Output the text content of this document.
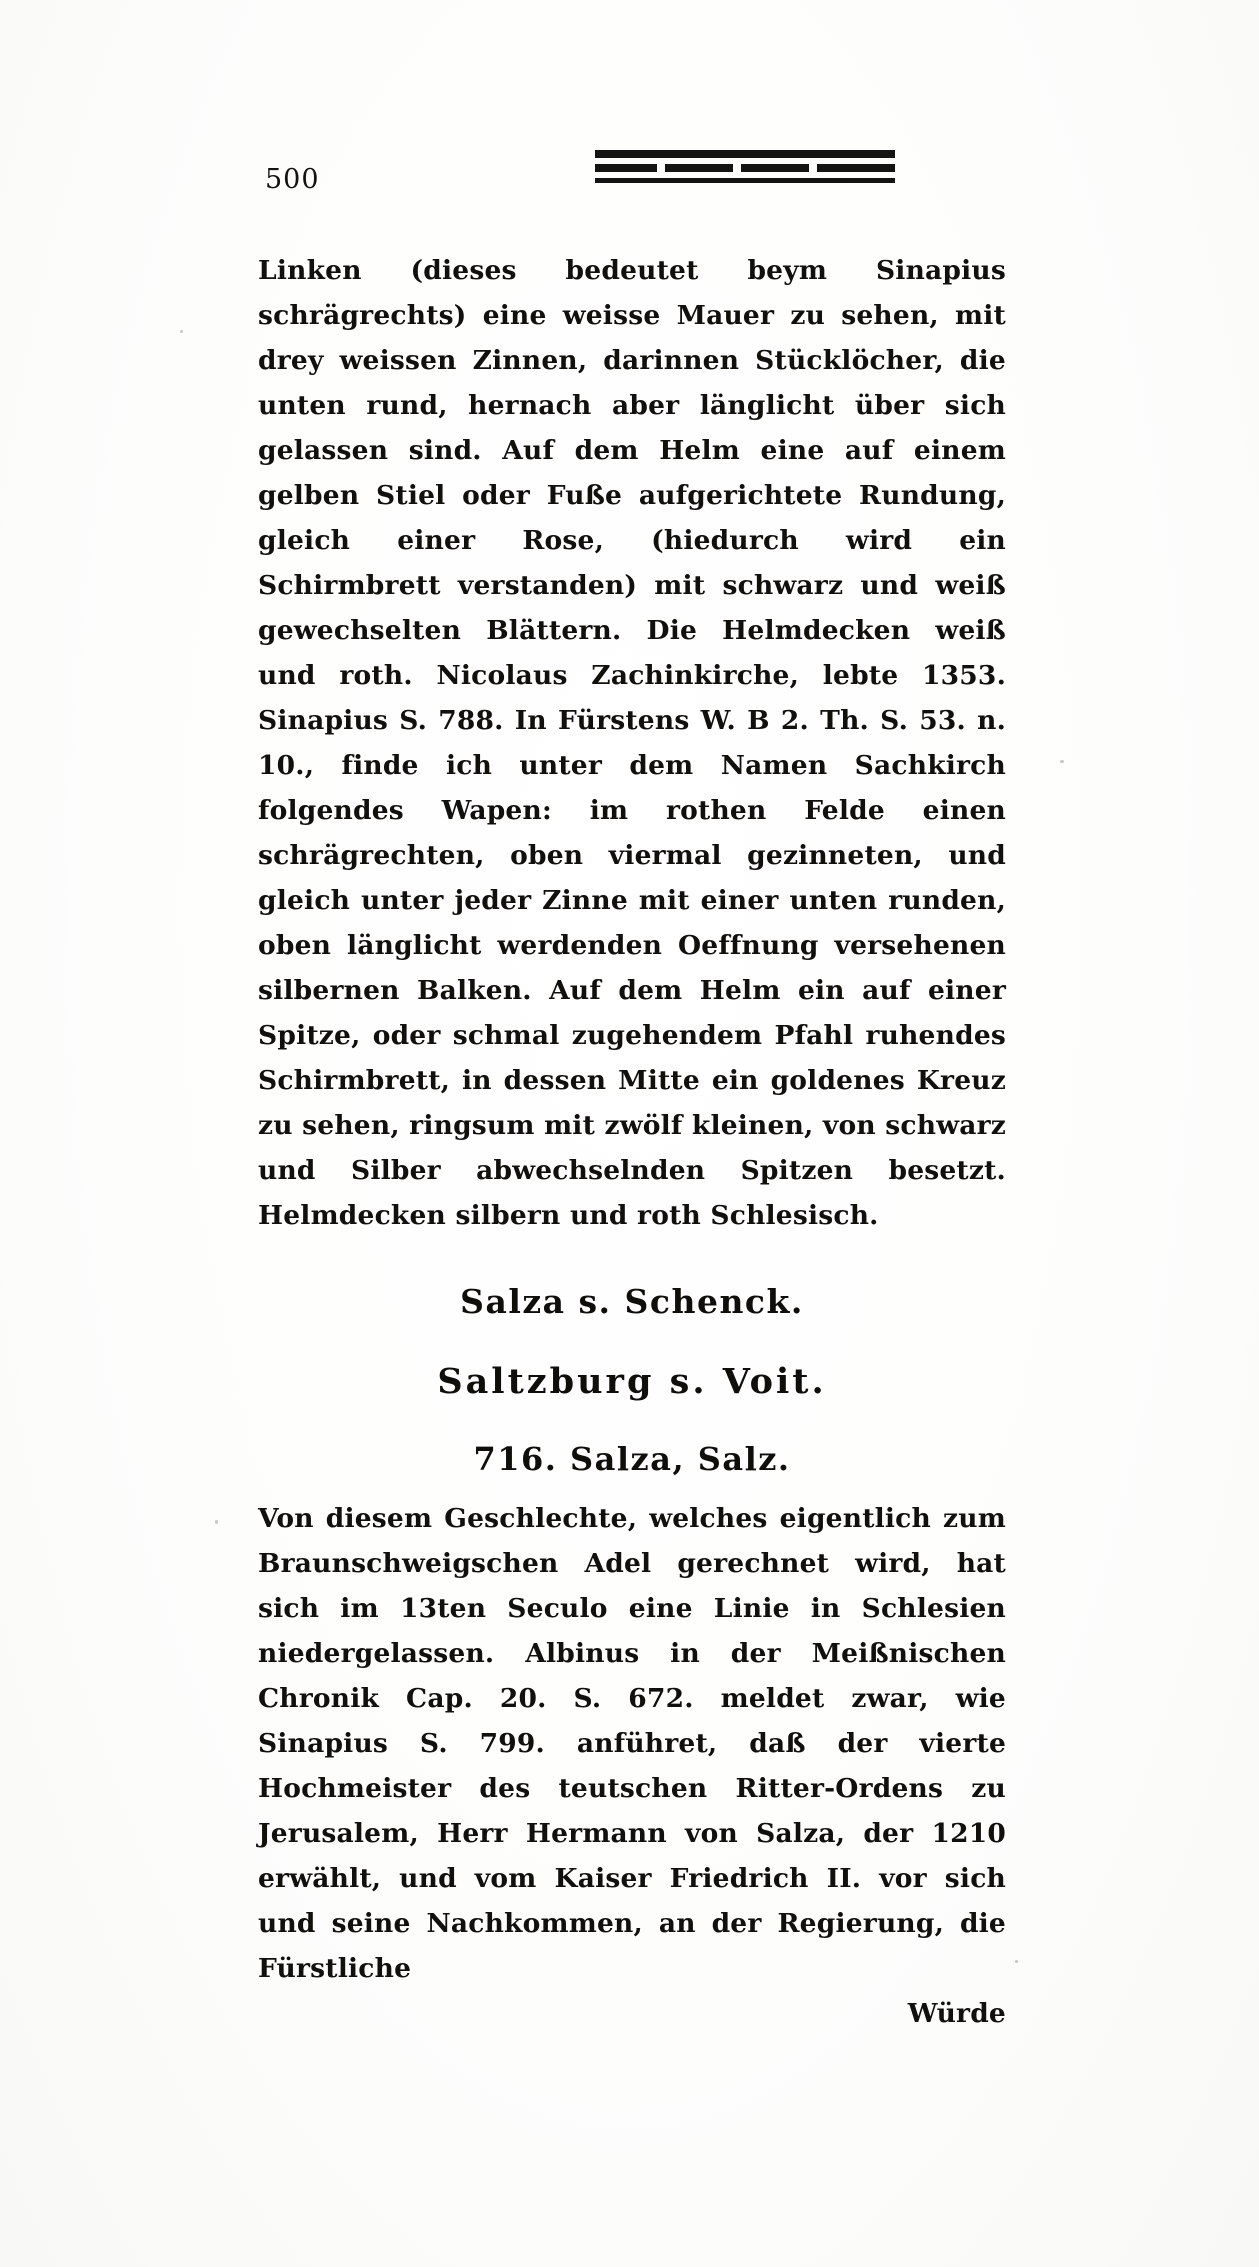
500

Linken (dieses bedeutet beym Sinapius schrägrechts) eine weisse Mauer zu sehen, mit drey weissen Zinnen, darinnen Stücklöcher, die unten rund, hernach aber länglicht über sich gelassen sind. Auf dem Helm eine auf einem gelben Stiel oder Fuße aufgerichtete Rundung, gleich einer Rose, (hiedurch wird ein Schirmbrett verstanden) mit schwarz und weiß gewechselten Blättern. Die Helmdecken weiß und roth. Nicolaus Zachinkirche, lebte 1353. Sinapius S. 788. In Fürstens W. B 2. Th. S. 53. n. 10., finde ich unter dem Namen Sachkirch folgendes Wapen: im rothen Felde einen schrägrechten, oben viermal gezinneten, und gleich unter jeder Zinne mit einer unten runden, oben länglicht werdenden Oeffnung versehenen silbernen Balken. Auf dem Helm ein auf einer Spitze, oder schmal zugehendem Pfahl ruhendes Schirmbrett, in dessen Mitte ein goldenes Kreuz zu sehen, ringsum mit zwölf kleinen, von schwarz und Silber abwechselnden Spitzen besetzt. Helmdecken silbern und roth Schlesisch.

Salza s. Schenck.
Saltzburg s. Voit.
716. Salza, Salz.

Von diesem Geschlechte, welches eigentlich zum Braunschweigschen Adel gerechnet wird, hat sich im 13ten Seculo eine Linie in Schlesien niedergelassen. Albinus in der Meißnischen Chronik Cap. 20. S. 672. meldet zwar, wie Sinapius S. 799. anführet, daß der vierte Hochmeister des teutschen Ritter-Ordens zu Jerusalem, Herr Hermann von Salza, der 1210 erwählt, und vom Kaiser Friedrich II. vor sich und seine Nachkommen, an der Regierung, die Fürstliche

Würde
